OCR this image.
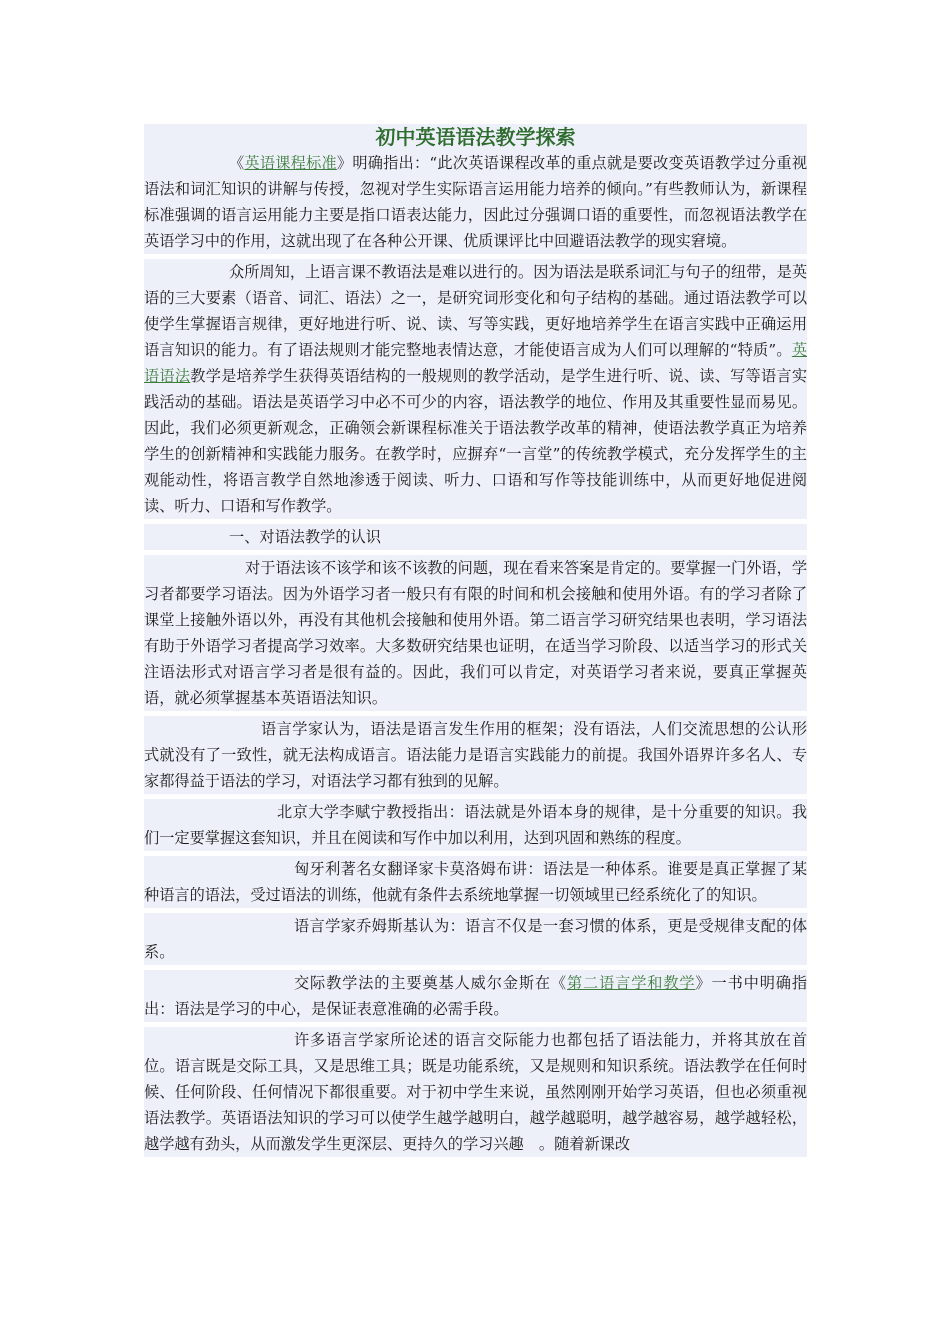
初中英语语法教学探索

《英语课程标准》明确指出：“此次英语课程改革的重点就是要改变英语教学过分重视语法和词汇知识的讲解与传授，忽视对学生实际语言运用能力培养的倾向。”有些教师认为，新课程标准强调的语言运用能力主要是指口语表达能力，因此过分强调口语的重要性，而忽视语法教学在英语学习中的作用，这就出现了在各种公开课、优质课评比中回避语法教学的现实窘境。

众所周知，上语言课不教语法是难以进行的。因为语法是联系词汇与句子的纽带，是英语的三大要素（语音、词汇、语法）之一，是研究词形变化和句子结构的基础。通过语法教学可以使学生掌握语言规律，更好地进行听、说、读、写等实践，更好地培养学生在语言实践中正确运用语言知识的能力。有了语法规则才能完整地表情达意，才能使语言成为人们可以理解的“特质”。英语语法教学是培养学生获得英语结构的一般规则的教学活动，是学生进行听、说、读、写等语言实践活动的基础。语法是英语学习中必不可少的内容，语法教学的地位、作用及其重要性显而易见。因此，我们必须更新观念，正确领会新课程标准关于语法教学改革的精神，使语法教学真正为培养学生的创新精神和实践能力服务。在教学时，应摒弃“一言堂”的传统教学模式，充分发挥学生的主观能动性，将语言教学自然地渗透于阅读、听力、口语和写作等技能训练中，从而更好地促进阅读、听力、口语和写作教学。

一、对语法教学的认识

对于语法该不该学和该不该教的问题，现在看来答案是肯定的。要掌握一门外语，学习者都要学习语法。因为外语学习者一般只有有限的时间和机会接触和使用外语。有的学习者除了课堂上接触外语以外，再没有其他机会接触和使用外语。第二语言学习研究结果也表明，学习语法有助于外语学习者提高学习效率。大多数研究结果也证明，在适当学习阶段、以适当学习的形式关注语法形式对语言学习者是很有益的。因此，我们可以肯定，对英语学习者来说，要真正掌握英语，就必须掌握基本英语语法知识。

语言学家认为，语法是语言发生作用的框架；没有语法，人们交流思想的公认形式就没有了一致性，就无法构成语言。语法能力是语言实践能力的前提。我国外语界许多名人、专家都得益于语法的学习，对语法学习都有独到的见解。

北京大学李赋宁教授指出：语法就是外语本身的规律，是十分重要的知识。我们一定要掌握这套知识，并且在阅读和写作中加以利用，达到巩固和熟练的程度。

匈牙利著名女翻译家卡莫洛姆布讲：语法是一种体系。谁要是真正掌握了某种语言的语法，受过语法的训练，他就有条件去系统地掌握一切领域里已经系统化了的知识。

语言学家乔姆斯基认为：语言不仅是一套习惯的体系，更是受规律支配的体系。

交际教学法的主要奠基人威尔金斯在《第二语言学和教学》一书中明确指出：语法是学习的中心，是保证表意准确的必需手段。

许多语言学家所论述的语言交际能力也都包括了语法能力，并将其放在首位。语言既是交际工具，又是思维工具；既是功能系统，又是规则和知识系统。语法教学在任何时候、任何阶段、任何情况下都很重要。对于初中学生来说，虽然刚刚开始学习英语，但也必须重视语法教学。英语语法知识的学习可以使学生越学越明白，越学越聪明，越学越容易，越学越轻松，越学越有劲头，从而激发学生更深层、更持久的学习兴趣　。随着新课改
